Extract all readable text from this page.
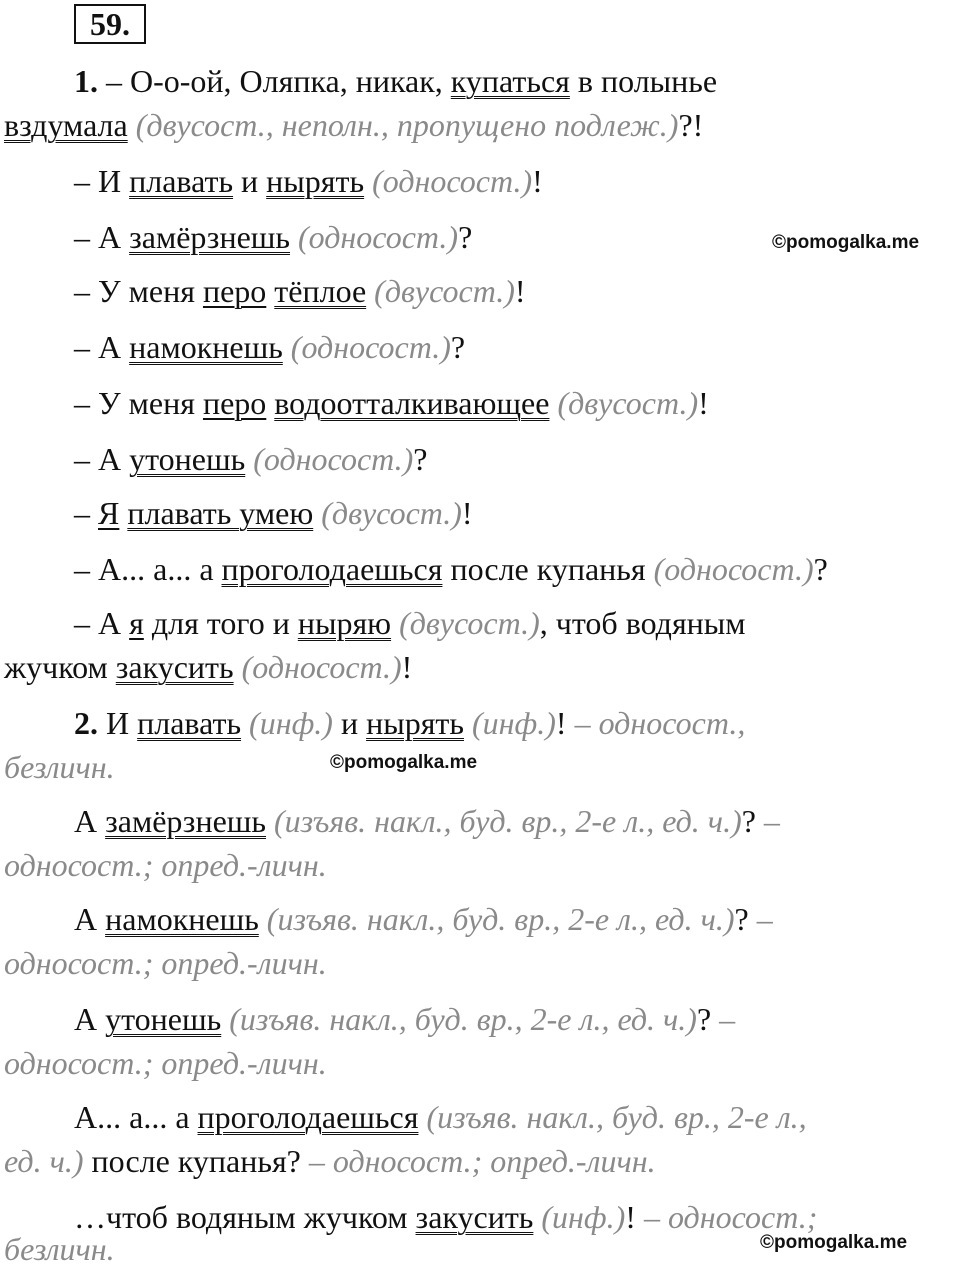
59.
1. – О-о-ой, Оляпка, никак, купаться в полынье
вздумала (двусост., неполн., пропущено подлеж.)?!
– И плавать и нырять (односост.)!
– А замёрзнешь (односост.)?	©pomogalka.me
– У меня перо тёплое (двусост.)!
– А намокнешь (односост.)?
– У меня перо водоотталкивающее (двусост.)!
– А утонешь (односост.)?
– Я плавать умею (двусост.)!
– А... а... а проголодаешься после купанья (односост.)?
– А я для того и ныряю (двусост.), чтоб водяным
жучком закусить (односост.)!
2. И плавать (инф.) и нырять (инф.)! – односост.,
безличн.	©pomogalka.me
А замёрзнешь (изъяв. накл., буд. вр., 2-е л., ед. ч.)? –
односост.; опред.-личн.
А намокнешь (изъяв. накл., буд. вр., 2-е л., ед. ч.)? –
односост.; опред.-личн.
А утонешь (изъяв. накл., буд. вр., 2-е л., ед. ч.)? –
односост.; опред.-личн.
А... а... а проголодаешься (изъяв. накл., буд. вр., 2-е л.,
ед. ч.) после купанья? – односост.; опред.-личн.
…чтоб водяным жучком закусить (инф.)! – односост.;
безличн.	©pomogalka.me
